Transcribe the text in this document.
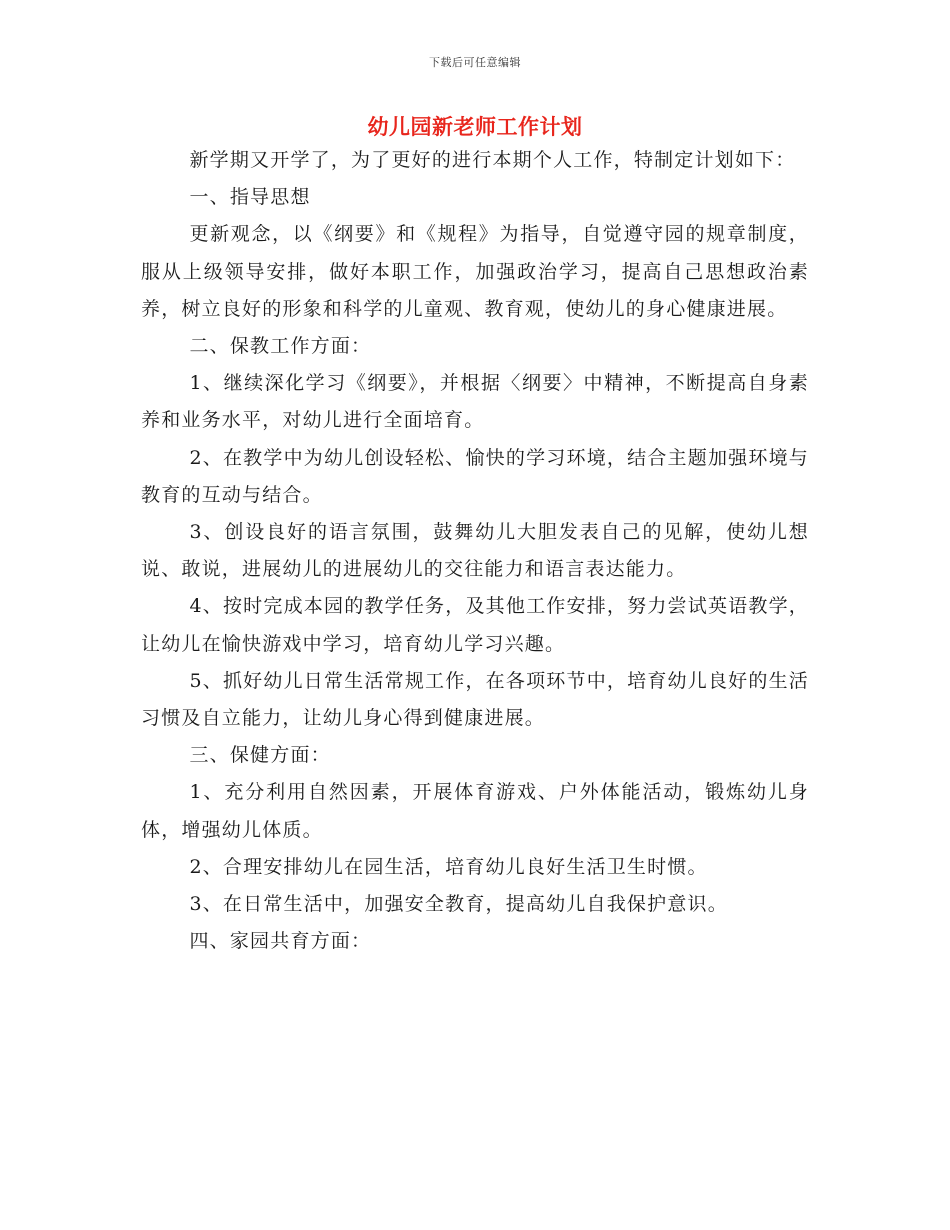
下载后可任意编辑
幼儿园新老师工作计划

新学期又开学了，为了更好的进行本期个人工作，特制定计划如下：

一、指导思想

更新观念，以《纲要》和《规程》为指导，自觉遵守园的规章制度，服从上级领导安排，做好本职工作，加强政治学习，提高自己思想政治素养，树立良好的形象和科学的儿童观、教育观，使幼儿的身心健康进展。

二、保教工作方面：

1、继续深化学习《纲要》，并根据〈纲要〉中精神，不断提高自身素养和业务水平，对幼儿进行全面培育。

2、在教学中为幼儿创设轻松、愉快的学习环境，结合主题加强环境与教育的互动与结合。

3、创设良好的语言氛围，鼓舞幼儿大胆发表自己的见解，使幼儿想说、敢说，进展幼儿的进展幼儿的交往能力和语言表达能力。

4、按时完成本园的教学任务，及其他工作安排，努力尝试英语教学，让幼儿在愉快游戏中学习，培育幼儿学习兴趣。

5、抓好幼儿日常生活常规工作，在各项环节中，培育幼儿良好的生活习惯及自立能力，让幼儿身心得到健康进展。

三、保健方面：

1、充分利用自然因素，开展体育游戏、户外体能活动，锻炼幼儿身体，增强幼儿体质。

2、合理安排幼儿在园生活，培育幼儿良好生活卫生时惯。

3、在日常生活中，加强安全教育，提高幼儿自我保护意识。

四、家园共育方面：
